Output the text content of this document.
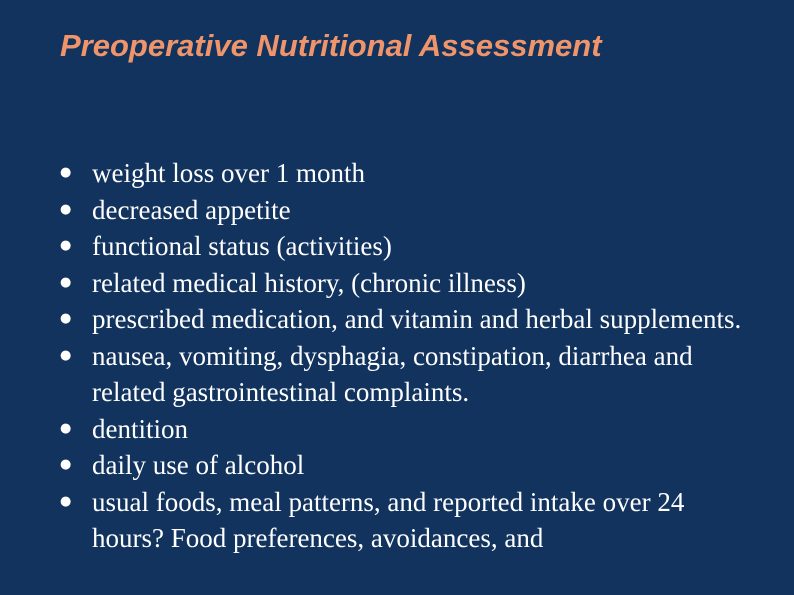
Preoperative Nutritional Assessment
● weight loss over 1 month
● decreased appetite
● functional status (activities)
● related medical history, (chronic illness)
● prescribed medication, and vitamin and herbal supplements.
● nausea, vomiting, dysphagia, constipation, diarrhea and related gastrointestinal complaints.
● dentition
● daily use of alcohol
● usual foods, meal patterns, and reported intake over 24 hours? Food preferences, avoidances, and
